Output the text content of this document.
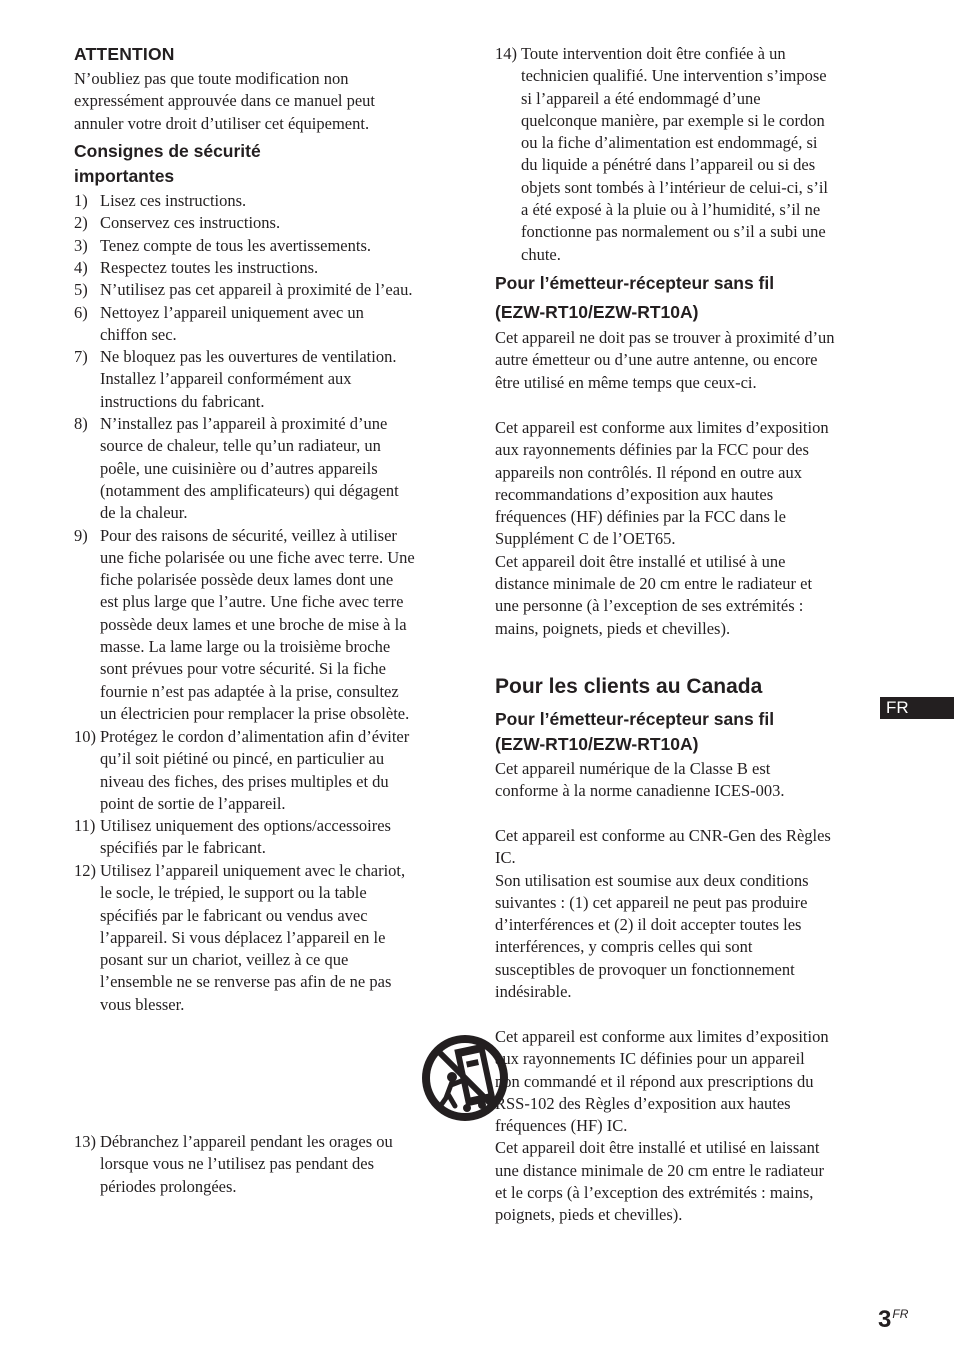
ATTENTION
N’oubliez pas que toute modification non
expressément approuvée dans ce manuel peut
annuler votre droit d’utiliser cet équipement.
Consignes de sécurité
importantes
1) Lisez ces instructions.
2) Conservez ces instructions.
3) Tenez compte de tous les avertissements.
4) Respectez toutes les instructions.
5) N’utilisez pas cet appareil à proximité de l’eau.
6) Nettoyez l’appareil uniquement avec un
chiffon sec.
7) Ne bloquez pas les ouvertures de ventilation.
Installez l’appareil conformément aux
instructions du fabricant.
8) N’installez pas l’appareil à proximité d’une
source de chaleur, telle qu’un radiateur, un
poêle, une cuisinière ou d’autres appareils
(notamment des amplificateurs) qui dégagent
de la chaleur.
9) Pour des raisons de sécurité, veillez à utiliser
une fiche polarisée ou une fiche avec terre. Une
fiche polarisée possède deux lames dont une
est plus large que l’autre. Une fiche avec terre
possède deux lames et une broche de mise à la
masse. La lame large ou la troisième broche
sont prévues pour votre sécurité. Si la fiche
fournie n’est pas adaptée à la prise, consultez
un électricien pour remplacer la prise obsolète.
10) Protégez le cordon d’alimentation afin d’éviter
qu’il soit piétiné ou pincé, en particulier au
niveau des fiches, des prises multiples et du
point de sortie de l’appareil.
11) Utilisez uniquement des options/accessoires
spécifiés par le fabricant.
12) Utilisez l’appareil uniquement avec le chariot,
le socle, le trépied, le support ou la table
spécifiés par le fabricant ou vendus avec
l’appareil. Si vous déplacez l’appareil en le
posant sur un chariot, veillez à ce que
l’ensemble ne se renverse pas afin de ne pas
vous blesser.
13) Débranchez l’appareil pendant les orages ou
lorsque vous ne l’utilisez pas pendant des
périodes prolongées.
14) Toute intervention doit être confiée à un
technicien qualifié. Une intervention s’impose
si l’appareil a été endommagé d’une
quelconque manière, par exemple si le cordon
ou la fiche d’alimentation est endommagé, si
du liquide a pénétré dans l’appareil ou si des
objets sont tombés à l’intérieur de celui-ci, s’il
a été exposé à la pluie ou à l’humidité, s’il ne
fonctionne pas normalement ou s’il a subi une
chute.
Pour l’émetteur-récepteur sans fil
(EZW-RT10/EZW-RT10A)
Cet appareil ne doit pas se trouver à proximité d’un
autre émetteur ou d’une autre antenne, ou encore
être utilisé en même temps que ceux-ci.
Cet appareil est conforme aux limites d’exposition
aux rayonnements définies par la FCC pour des
appareils non contrôlés. Il répond en outre aux
recommandations d’exposition aux hautes
fréquences (HF) définies par la FCC dans le
Supplément C de l’OET65.
Cet appareil doit être installé et utilisé à une
distance minimale de 20 cm entre le radiateur et
une personne (à l’exception de ses extrémités :
mains, poignets, pieds et chevilles).
Pour les clients au Canada
Pour l’émetteur-récepteur sans fil
(EZW-RT10/EZW-RT10A)
Cet appareil numérique de la Classe B est
conforme à la norme canadienne ICES-003.
Cet appareil est conforme au CNR-Gen des Règles
IC.
Son utilisation est soumise aux deux conditions
suivantes : (1) cet appareil ne peut pas produire
d’interférences et (2) il doit accepter toutes les
interférences, y compris celles qui sont
susceptibles de provoquer un fonctionnement
indésirable.
Cet appareil est conforme aux limites d’exposition
aux rayonnements IC définies pour un appareil
non commandé et il répond aux prescriptions du
RSS-102 des Règles d’exposition aux hautes
fréquences (HF) IC.
Cet appareil doit être installé et utilisé en laissant
une distance minimale de 20 cm entre le radiateur
et le corps (à l’exception des extrémités : mains,
poignets, pieds et chevilles).
FR
$3^{FR}$
